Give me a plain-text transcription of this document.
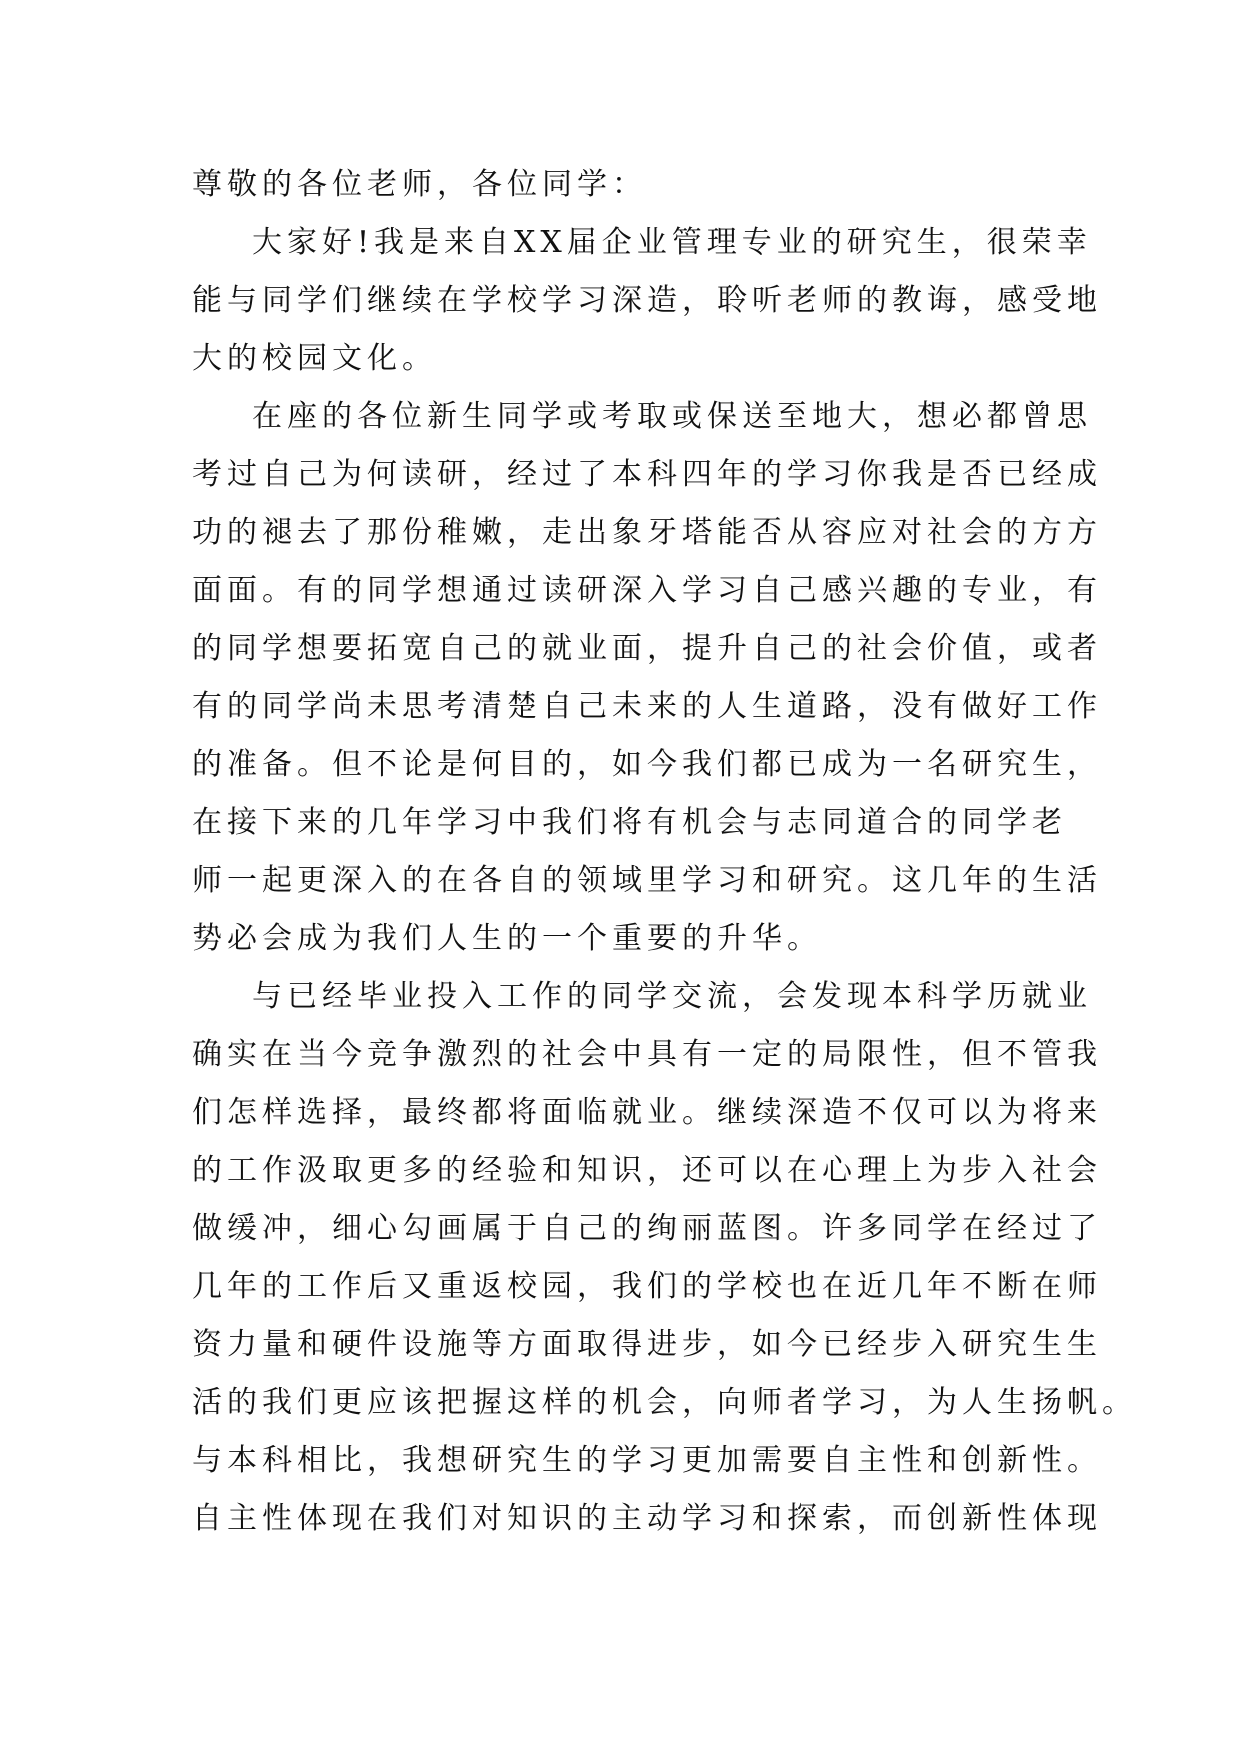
尊敬的各位老师，各位同学：
大家好!我是来自XX届企业管理专业的研究生，很荣幸
能与同学们继续在学校学习深造，聆听老师的教诲，感受地
大的校园文化。
在座的各位新生同学或考取或保送至地大，想必都曾思
考过自己为何读研，经过了本科四年的学习你我是否已经成
功的褪去了那份稚嫩，走出象牙塔能否从容应对社会的方方
面面。有的同学想通过读研深入学习自己感兴趣的专业，有
的同学想要拓宽自己的就业面，提升自己的社会价值，或者
有的同学尚未思考清楚自己未来的人生道路，没有做好工作
的准备。但不论是何目的，如今我们都已成为一名研究生，
在接下来的几年学习中我们将有机会与志同道合的同学老
师一起更深入的在各自的领域里学习和研究。这几年的生活
势必会成为我们人生的一个重要的升华。
与已经毕业投入工作的同学交流，会发现本科学历就业
确实在当今竞争激烈的社会中具有一定的局限性，但不管我
们怎样选择，最终都将面临就业。继续深造不仅可以为将来
的工作汲取更多的经验和知识，还可以在心理上为步入社会
做缓冲，细心勾画属于自己的绚丽蓝图。许多同学在经过了
几年的工作后又重返校园，我们的学校也在近几年不断在师
资力量和硬件设施等方面取得进步，如今已经步入研究生生
活的我们更应该把握这样的机会，向师者学习，为人生扬帆。
与本科相比，我想研究生的学习更加需要自主性和创新性。
自主性体现在我们对知识的主动学习和探索，而创新性体现
